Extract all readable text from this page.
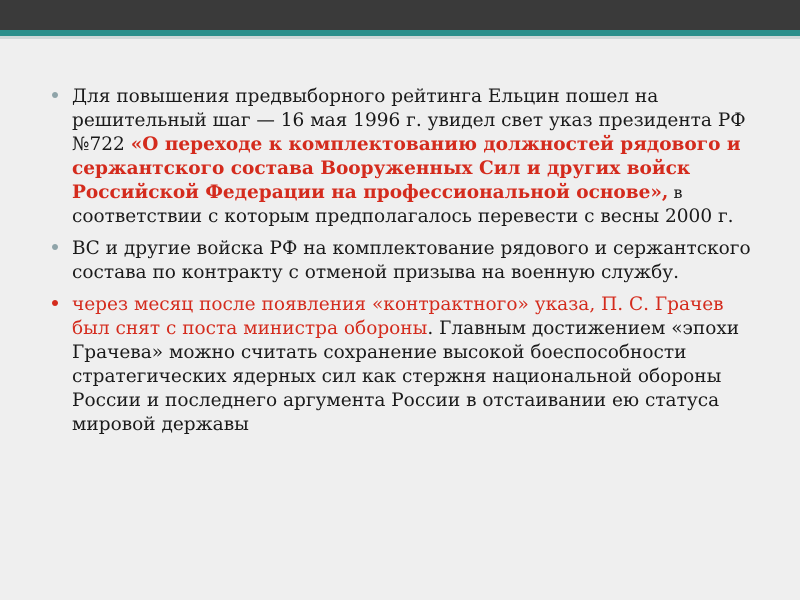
Для повышения предвыборного рейтинга Ельцин пошел на решительный шаг — 16 мая 1996 г. увидел свет указ президента РФ №722 «О переходе к комплектованию должностей рядового и сержантского состава Вооруженных Сил и других войск Российской Федерации на профессиональной основе», в соответствии с которым предполагалось перевести с весны 2000 г.
ВС и другие войска РФ на комплектование рядового и сержантского состава по контракту с отменой призыва на военную службу.
через месяц после появления «контрактного» указа, П. С. Грачев был снят с поста министра обороны. Главным достижением «эпохи Грачева» можно считать сохранение высокой боеспособности стратегических ядерных сил как стержня национальной обороны России и последнего аргумента России в отстаивании ею статуса мировой державы
